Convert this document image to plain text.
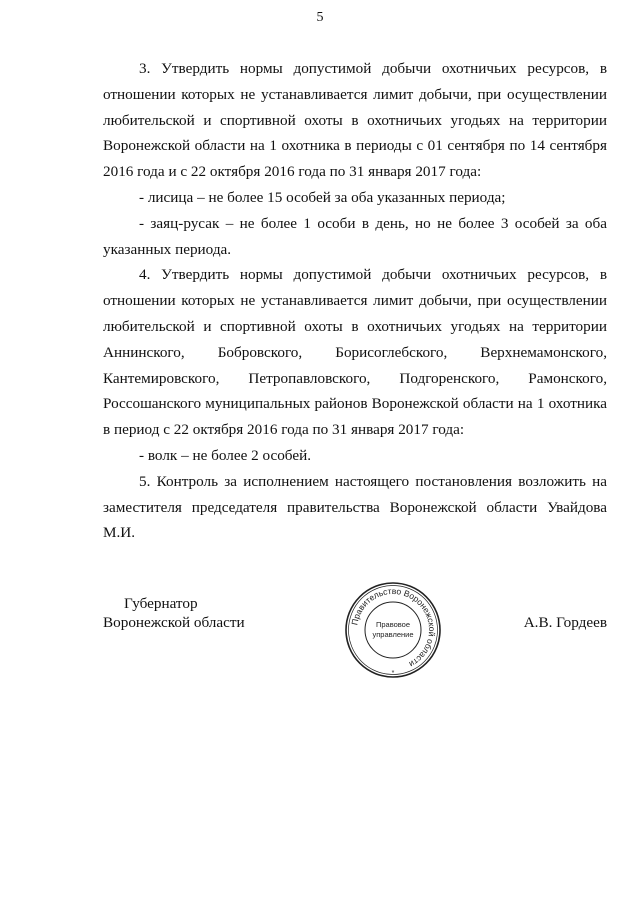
5

3. Утвердить нормы допустимой добычи охотничьих ресурсов, в отношении которых не устанавливается лимит добычи, при осуществлении любительской и спортивной охоты в охотничьих угодьях на территории Воронежской области на 1 охотника в периоды с 01 сентября по 14 сентября 2016 года и с 22 октября 2016 года по 31 января 2017 года:

- лисица – не более 15 особей за оба указанных периода;

- заяц-русак – не более 1 особи в день, но не более 3 особей за оба указанных периода.

4. Утвердить нормы допустимой добычи охотничьих ресурсов, в отношении которых не устанавливается лимит добычи, при осуществлении любительской и спортивной охоты в охотничьих угодьях на территории Аннинского, Бобровского, Борисоглебского, Верхнемамонского, Кантемировского, Петропавловского, Подгоренского, Рамонского, Россошанского муниципальных районов Воронежской области на 1 охотника в период с 22 октября 2016 года по 31 января 2017 года:

- волк – не более 2 особей.

5. Контроль за исполнением настоящего постановления возложить на заместителя председателя правительства Воронежской области Увайдова М.И.

Губернатор
Воронежской области	Правительство Воронежской области
Правовое
управление
*
А.В. Гордеев
